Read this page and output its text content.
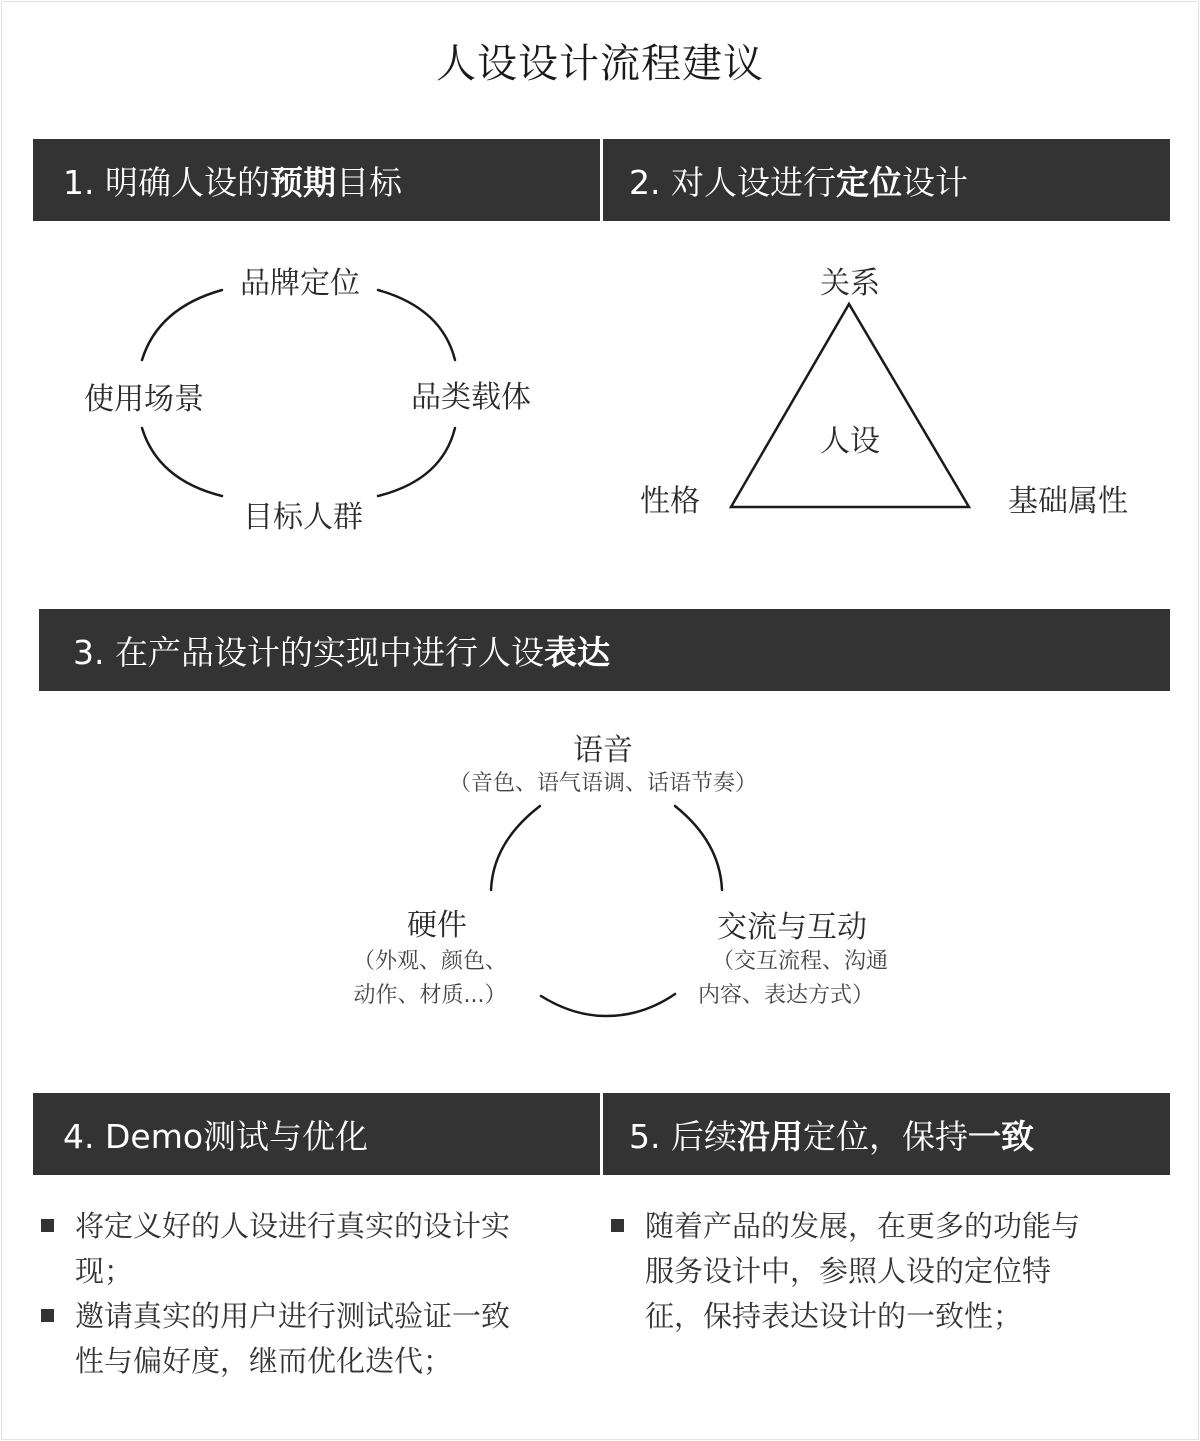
人设设计流程建议
1. 明确人设的 预期 目标	2. 对人设进行 定位 设计
3. 在产品设计的实现中进行人设 表达
4. Demo测试与优化	5. 后续 沿用 定位，保持 一致
品牌定位
使用场景	品类载体
目标人群
关系
人设
性格	基础属性
语音
（音色、语气语调、话语节奏）
硬件
（外观、颜色、
动作、材质...）
交流与互动
（交互流程、沟通
内容、表达方式）
将定义好的人设进行真实的设计实
现；
邀请真实的用户进行测试验证一致
性与偏好度，继而优化迭代；
随着产品的发展，在更多的功能与
服务设计中，参照人设的定位特
征，保持表达设计的一致性；
